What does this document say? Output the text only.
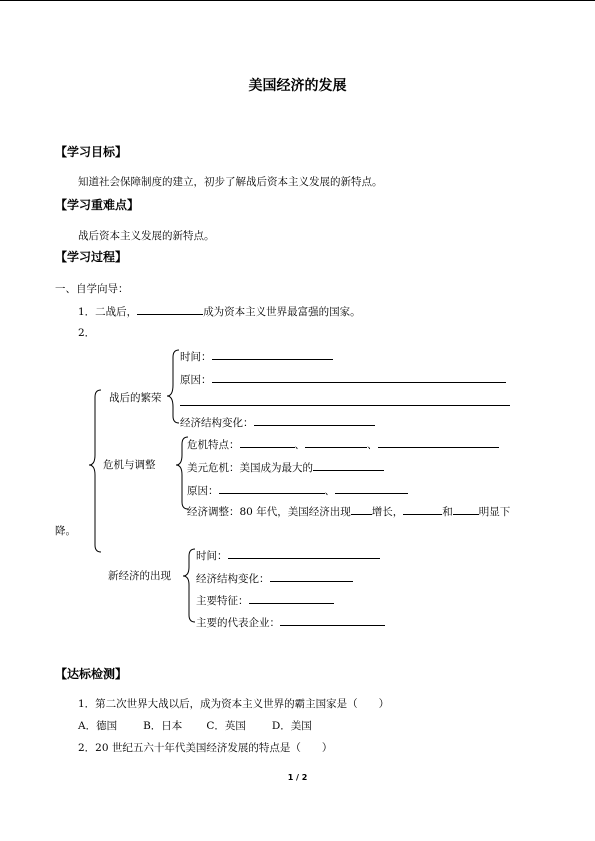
美国经济的发展
【学习目标】
知道社会保障制度的建立，初步了解战后资本主义发展的新特点。
【学习重难点】
战后资本主义发展的新特点。
【学习过程】
一、自学向导：
1．二战后，	成为资本主义世界最富强的国家。
2．
战后的繁荣
时间：
原因：
经济结构变化：
危机与调整
危机特点：	、	、
美元危机：美国成为最大的
原因：	、
经济调整：80 年代，美国经济出现 增长，	和 明显下
降。
新经济的出现
时间：
经济结构变化：
主要特征：
主要的代表企业：
【达标检测】
1．第二次世界大战以后，成为资本主义世界的霸主国家是（　　）
A．德国 B．日本 C．英国 D．美国
2．20 世纪五六十年代美国经济发展的特点是（　　）
1 / 2
